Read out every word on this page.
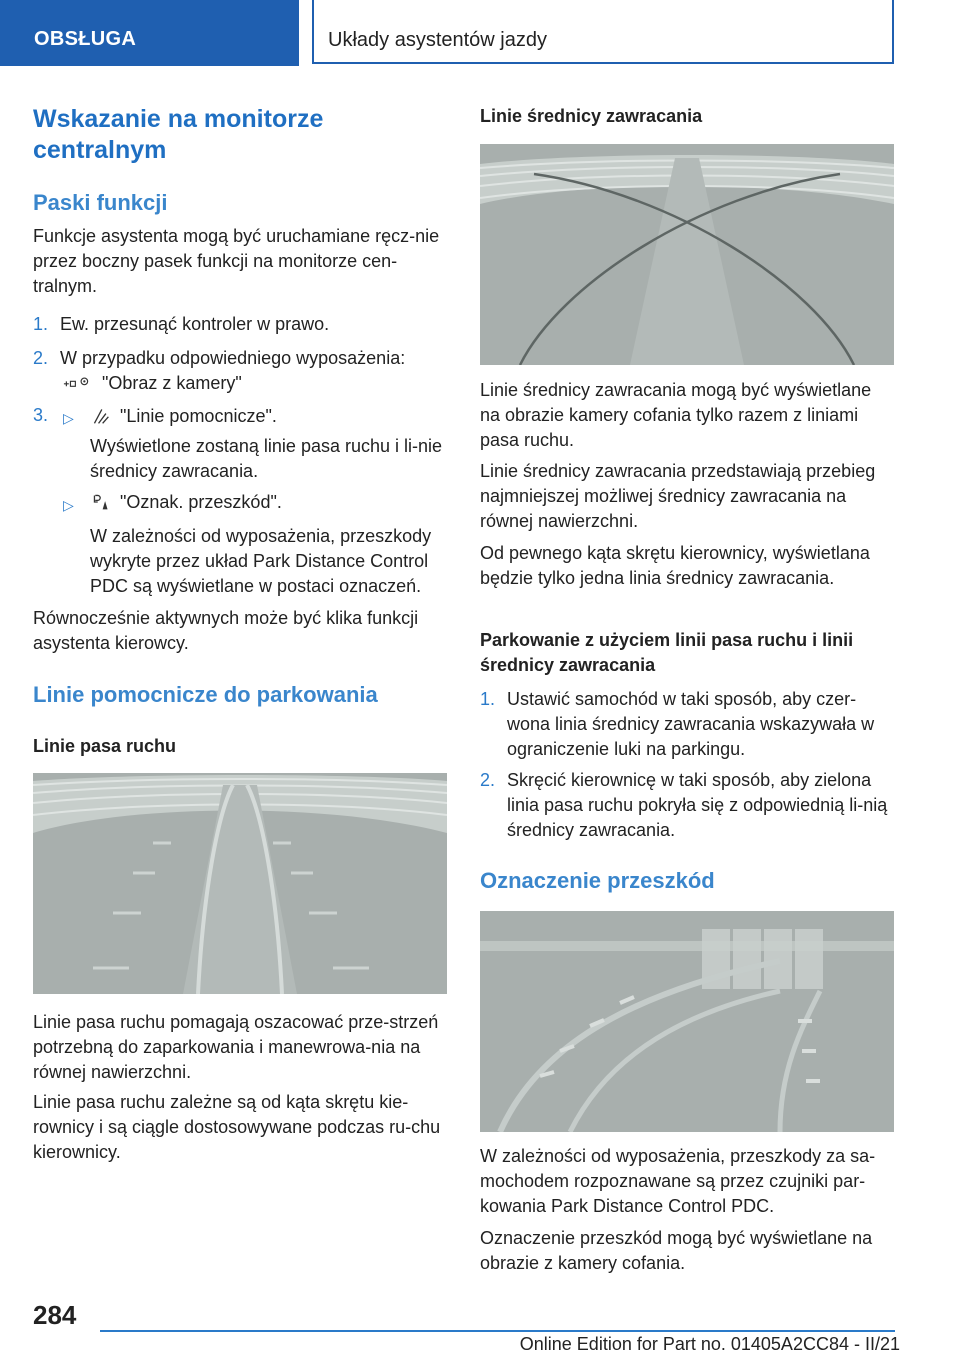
OBSŁUGA	Układy asystentów jazdy
Wskazanie na monitorze centralnym
Paski funkcji

Funkcje asystenta mogą być uruchamiane ręcz-nie przez boczny pasek funkcji na monitorze cen-tralnym.

1. Ew. przesunąć kontroler w prawo.

2. W przypadku odpowiedniego wyposażenia:

"Obraz z kamery"

3. ▷	"Linie pomocnicze".

Wyświetlone zostaną linie pasa ruchu i li-nie średnicy zawracania.

▷	"Oznak. przeszkód".

W zależności od wyposażenia, przeszkody wykryte przez układ Park Distance Control PDC są wyświetlane w postaci oznaczeń.

Równocześnie aktywnych może być klika funkcji asystenta kierowcy.

Linie pomocnicze do parkowania
Linie pasa ruchu

Linie pasa ruchu pomagają oszacować prze-strzeń potrzebną do zaparkowania i manewrowa-nia na równej nawierzchni.

Linie pasa ruchu zależne są od kąta skrętu kie-rownicy i są ciągle dostosowywane podczas ru-chu kierownicy.

Linie średnicy zawracania

Linie średnicy zawracania mogą być wyświetlane na obrazie kamery cofania tylko razem z liniami pasa ruchu.

Linie średnicy zawracania przedstawiają przebieg najmniejszej możliwej średnicy zawracania na równej nawierzchni.

Od pewnego kąta skrętu kierownicy, wyświetlana będzie tylko jedna linia średnicy zawracania.

Parkowanie z użyciem linii pasa ruchu i linii średnicy zawracania
1. Ustawić samochód w taki sposób, aby czer-wona linia średnicy zawracania wskazywała w ograniczenie luki na parkingu.

2. Skręcić kierownicę w taki sposób, aby zielona linia pasa ruchu pokryła się z odpowiednią li-nią średnicy zawracania.

Oznaczenie przeszkód

W zależności od wyposażenia, przeszkody za sa-mochodem rozpoznawane są przez czujniki par-kowania Park Distance Control PDC.

Oznaczenie przeszkód mogą być wyświetlane na obrazie z kamery cofania.

284
Online Edition for Part no. 01405A2CC84 - II/21
